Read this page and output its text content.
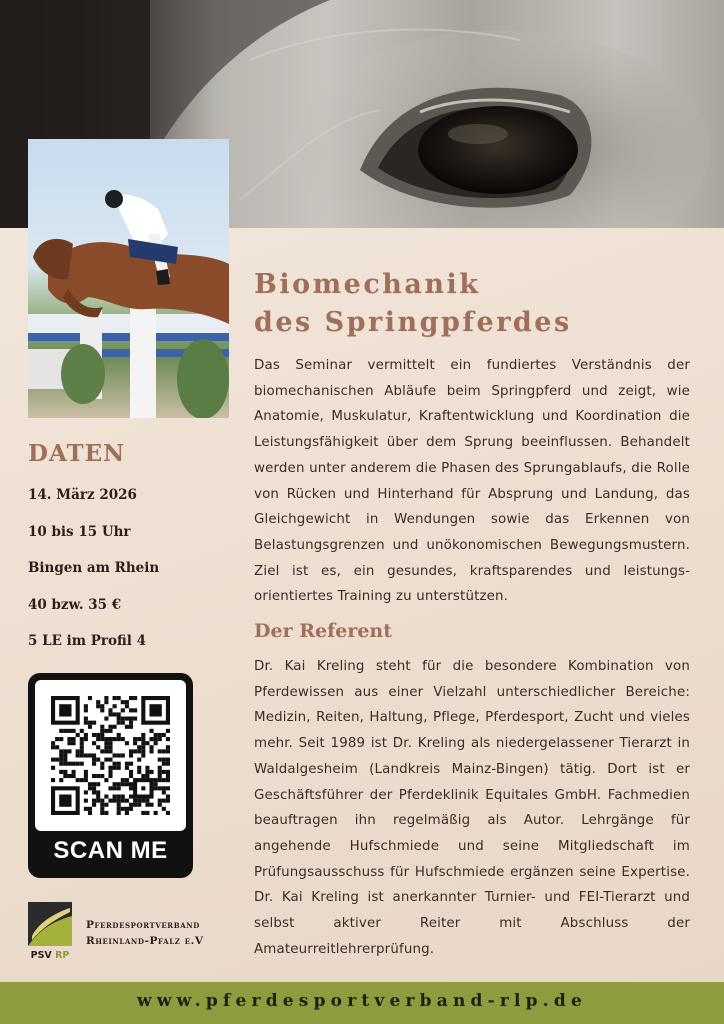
Biomechanik
des Springpferdes

Das Seminar vermittelt ein fundiertes Verständnis der biomechanischen Abläufe beim Springpferd und zeigt, wie Anatomie, Muskulatur, Kraftentwicklung und Koordination die Leistungsfähigkeit über dem Sprung beeinflussen. Behandelt werden unter anderem die Phasen des Sprungablaufs, die Rolle von Rücken und Hinterhand für Absprung und Landung, das Gleichgewicht in Wendungen sowie das Erkennen von Belastungsgrenzen und unökonomischen Bewegungsmustern. Ziel ist es, ein gesundes, kraftsparendes und leistungsorientiertes Training zu unterstützen.

Der Referent

Dr. Kai Kreling steht für die besondere Kombination von Pferdewissen aus einer Vielzahl unterschiedlicher Bereiche: Medizin, Reiten, Haltung, Pflege, Pferdesport, Zucht und vieles mehr. Seit 1989 ist Dr. Kreling als niedergelassener Tierarzt in Waldalgesheim (Landkreis Mainz-Bingen) tätig. Dort ist er Geschäftsführer der Pferdeklinik Equitales GmbH. Fachmedien beauftragen ihn regelmäßig als Autor. Lehrgänge für angehende Hufschmiede und seine Mitgliedschaft im Prüfungsausschuss für Hufschmiede ergänzen seine Expertise. Dr. Kai Kreling ist anerkannter Turnier- und FEI-Tierarzt und selbst aktiver Reiter mit Abschluss der Amateurreitlehrerprüfung.

DATEN
14. März 2026
10 bis 15 Uhr
Bingen am Rhein
40 bzw. 35 €
5 LE im Profil 4
SCAN ME
PSV RP

Pferdesportverband
Rheinland-Pfalz e.V

www.pferdesportverband-rlp.de
